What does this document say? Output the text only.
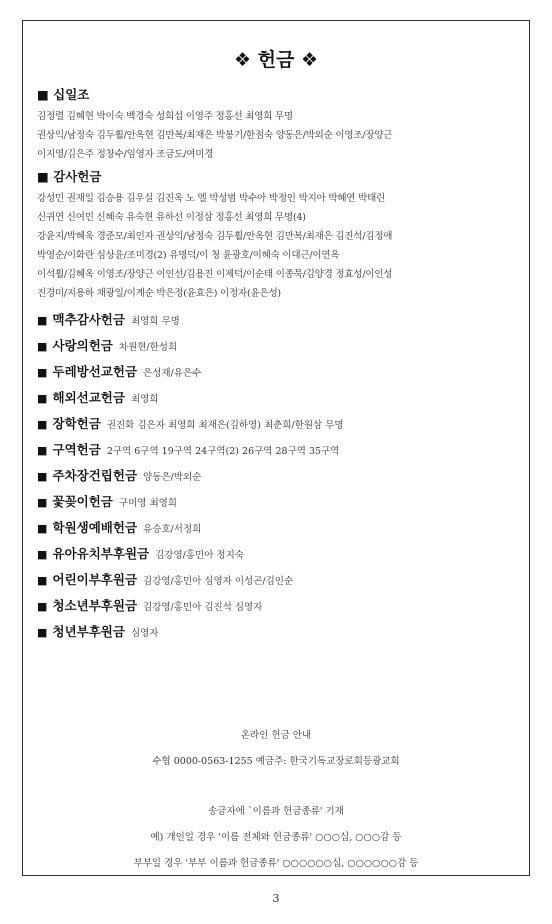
❖ 헌금 ❖
■ 십일조
김정렬 김혜현 박이숙 백경숙 성희섭 이영주 정홍선 최영희 무명
권상익/남정숙 김두휠/안옥현 김만복/최재은 박봉기/한점숙 양동은/박외순 이영조/장양근
이지영/김은주 정창수/임영자 조금도/여미경
■ 감사헌금
강성민 권재일 김승용 김우실 김진옥 노 엘 박성범 박수아 박정인 박지아 박혜연 박태린
신귀연 신여민 신혜숙 유숙현 유하선 이정삼 정홍선 최영희 무명(4)
강윤지/박혜욱 경준모/최인자 권상익/남정숙 김두휠/안옥현 김만복/최재은 김진석/김정애
박영순/이화란 심상윤/조미경(2) 유명덕/이 청 윤광호/이혜숙 이대근/이연옥
이석휠/김혜옥 이영조/장양근 이인선/김용진 이제덕/이순태 이종묵/김양경 정효성/이인성
진경미/지용하 채광일/이계순 박은정(윤효은) 이정자(윤은성)
■ 맥추감사헌금 최영희 무명
■ 사랑의헌금 차원현/한성희
■ 두레방선교헌금 은성재/유은수
■ 해외선교헌금 최영희
■ 장학헌금 권진화 김은자 최영희 최재은(김하영) 최춘희/한원삼 무명
■ 구역헌금 2구역 6구역 19구역 24구역(2) 26구역 28구역 35구역
■ 주차장건립헌금 양동은/박외순
■ 꽃꽂이헌금 구미영 최영희
■ 학원생예배헌금 유승호/서정희
■ 유아유치부후원금 김강영/홍민아 정지숙
■ 어린이부후원금 김강영/홍민아 심영자 이성곤/김인순
■ 청소년부후원금 김강영/홍민아 김진석 심영자
■ 청년부후원금 심영자
온라인 헌금 안내
수협 0000-0563-1255 예금주: 한국기독교장로회등광교회
송금자에 `이름과 헌금종류' 기재
예) 개인일 경우 '이름 전체와 헌금종류' ○○○십, ○○○감 등
부부일 경우 '부부 이름과 헌금종류' ○○○○○○십, ○○○○○○감 등
3
